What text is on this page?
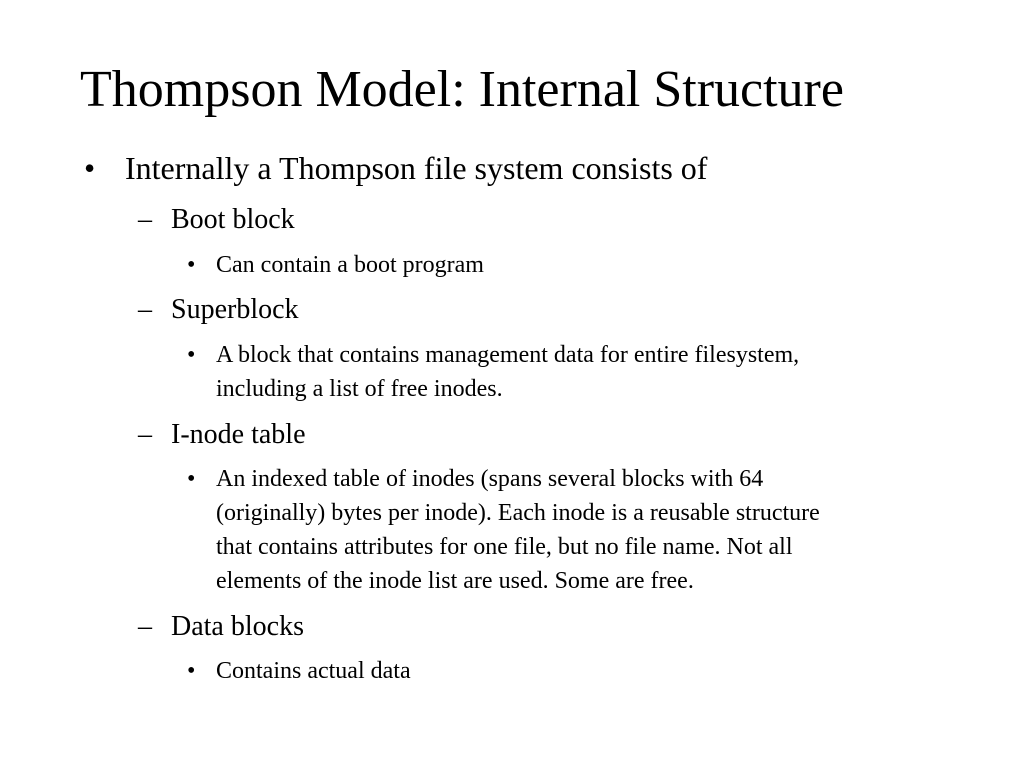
Thompson Model: Internal Structure
• Internally a Thompson file system consists of
– Boot block
• Can contain a boot program
– Superblock
• A block that contains management data for entire filesystem,
including a list of free inodes.
– I-node table
• An indexed table of inodes (spans several blocks with 64
(originally) bytes per inode). Each inode is a reusable structure
that contains attributes for one file, but no file name. Not all
elements of the inode list are used. Some are free.
– Data blocks
• Contains actual data
